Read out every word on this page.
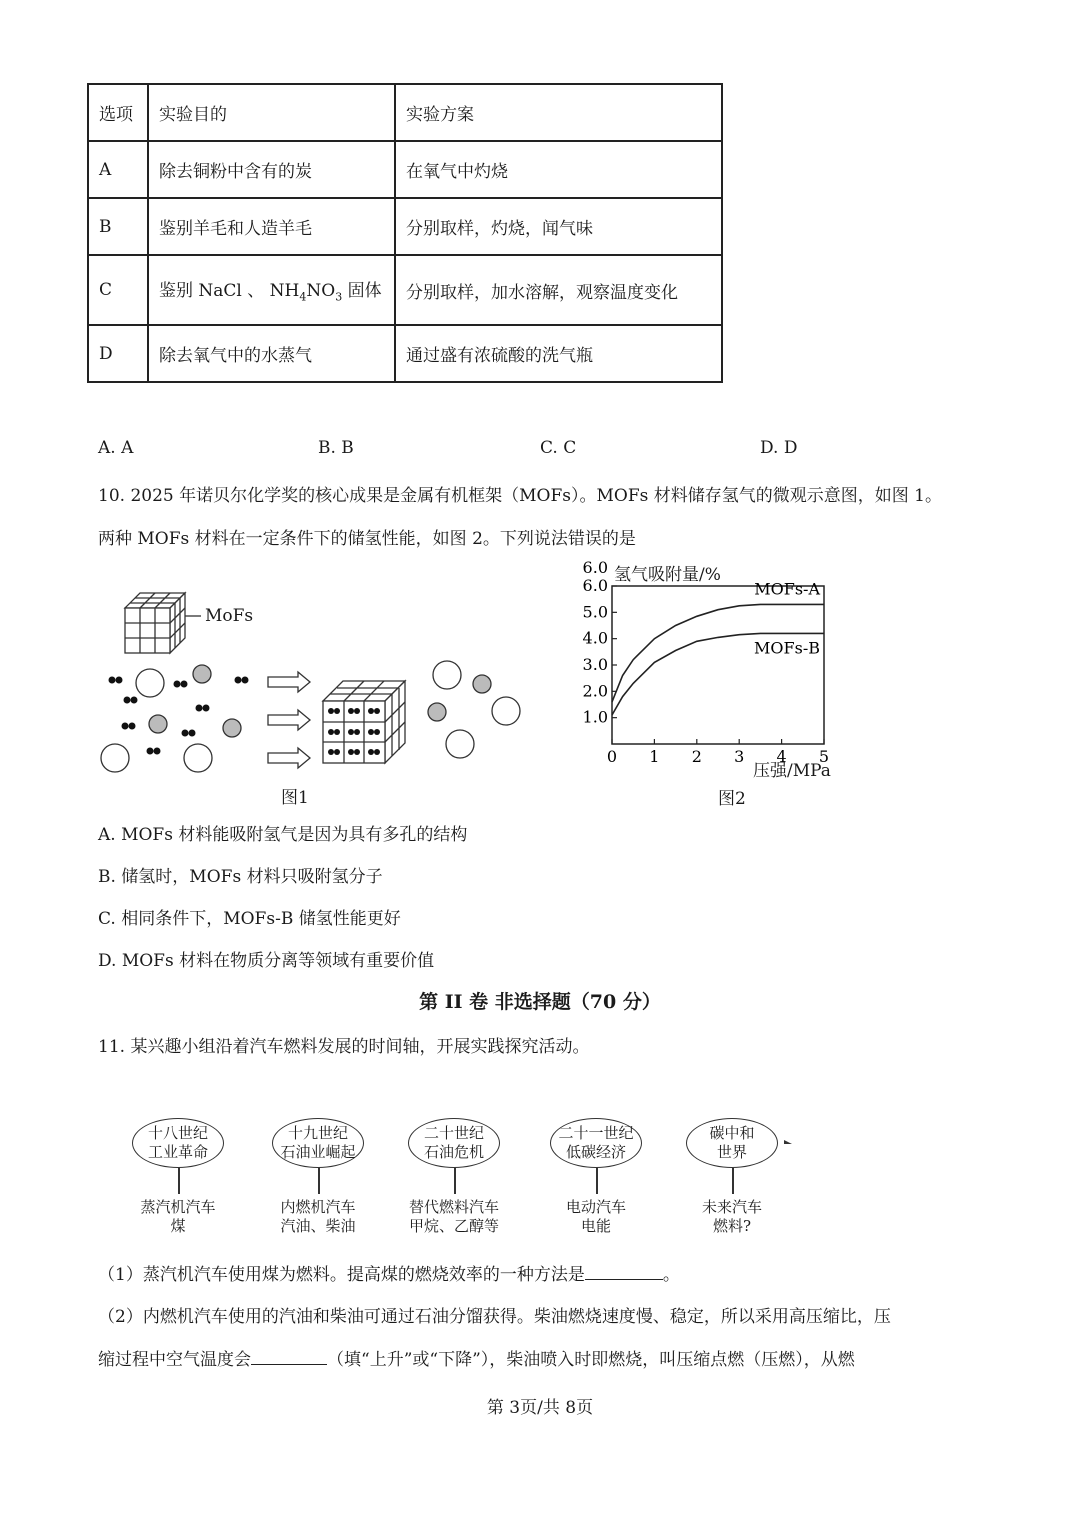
选项	实验目的	实验方案
A	除去铜粉中含有的炭	在氧气中灼烧
B	鉴别羊毛和人造羊毛	分别取样，灼烧，闻气味
C	鉴别 NaCl 、 $NH_4NO_3$ 固体	分别取样，加水溶解，观察温度变化
D	除去氧气中的水蒸气	通过盛有浓硫酸的洗气瓶
A. A	B. B	C. C	D. D
10. 2025 年诺贝尔化学奖的核心成果是金属有机框架（MOFs）。MOFs 材料储存氢气的微观示意图，如图 1。
两种 MOFs 材料在一定条件下的储氢性能，如图 2。下列说法错误的是
MoFs
图1
0 1 2 3 4 5
1.0
2.0
3.0
4.0
5.0
6.0
6.0
MOFs-A
MOFs-B
氢气吸附量/%
压强/MPa
图2
A. MOFs 材料能吸附氢气是因为具有多孔的结构
B. 储氢时，MOFs 材料只吸附氢分子
C. 相同条件下，MOFs-B 储氢性能更好
D. MOFs 材料在物质分离等领域有重要价值
第 II 卷 非选择题（70 分）
11. 某兴趣小组沿着汽车燃料发展的时间轴，开展实践探究活动。
十八世纪
工业革命
蒸汽机汽车
煤
十九世纪
石油业崛起
内燃机汽车
汽油、柴油
二十世纪
石油危机
替代燃料汽车
甲烷、乙醇等
二十一世纪
低碳经济
电动汽车
电能
碳中和
世界
未来汽车
燃料?
（1）蒸汽机汽车使用煤为燃料。提高煤的燃烧效率的一种方法是	。
（2）内燃机汽车使用的汽油和柴油可通过石油分馏获得。柴油燃烧速度慢、稳定，所以采用高压缩比，压
缩过程中空气温度会	（填“上升”或“下降”），柴油喷入时即燃烧，叫压缩点燃（压燃），从燃
第 3页/共 8页
